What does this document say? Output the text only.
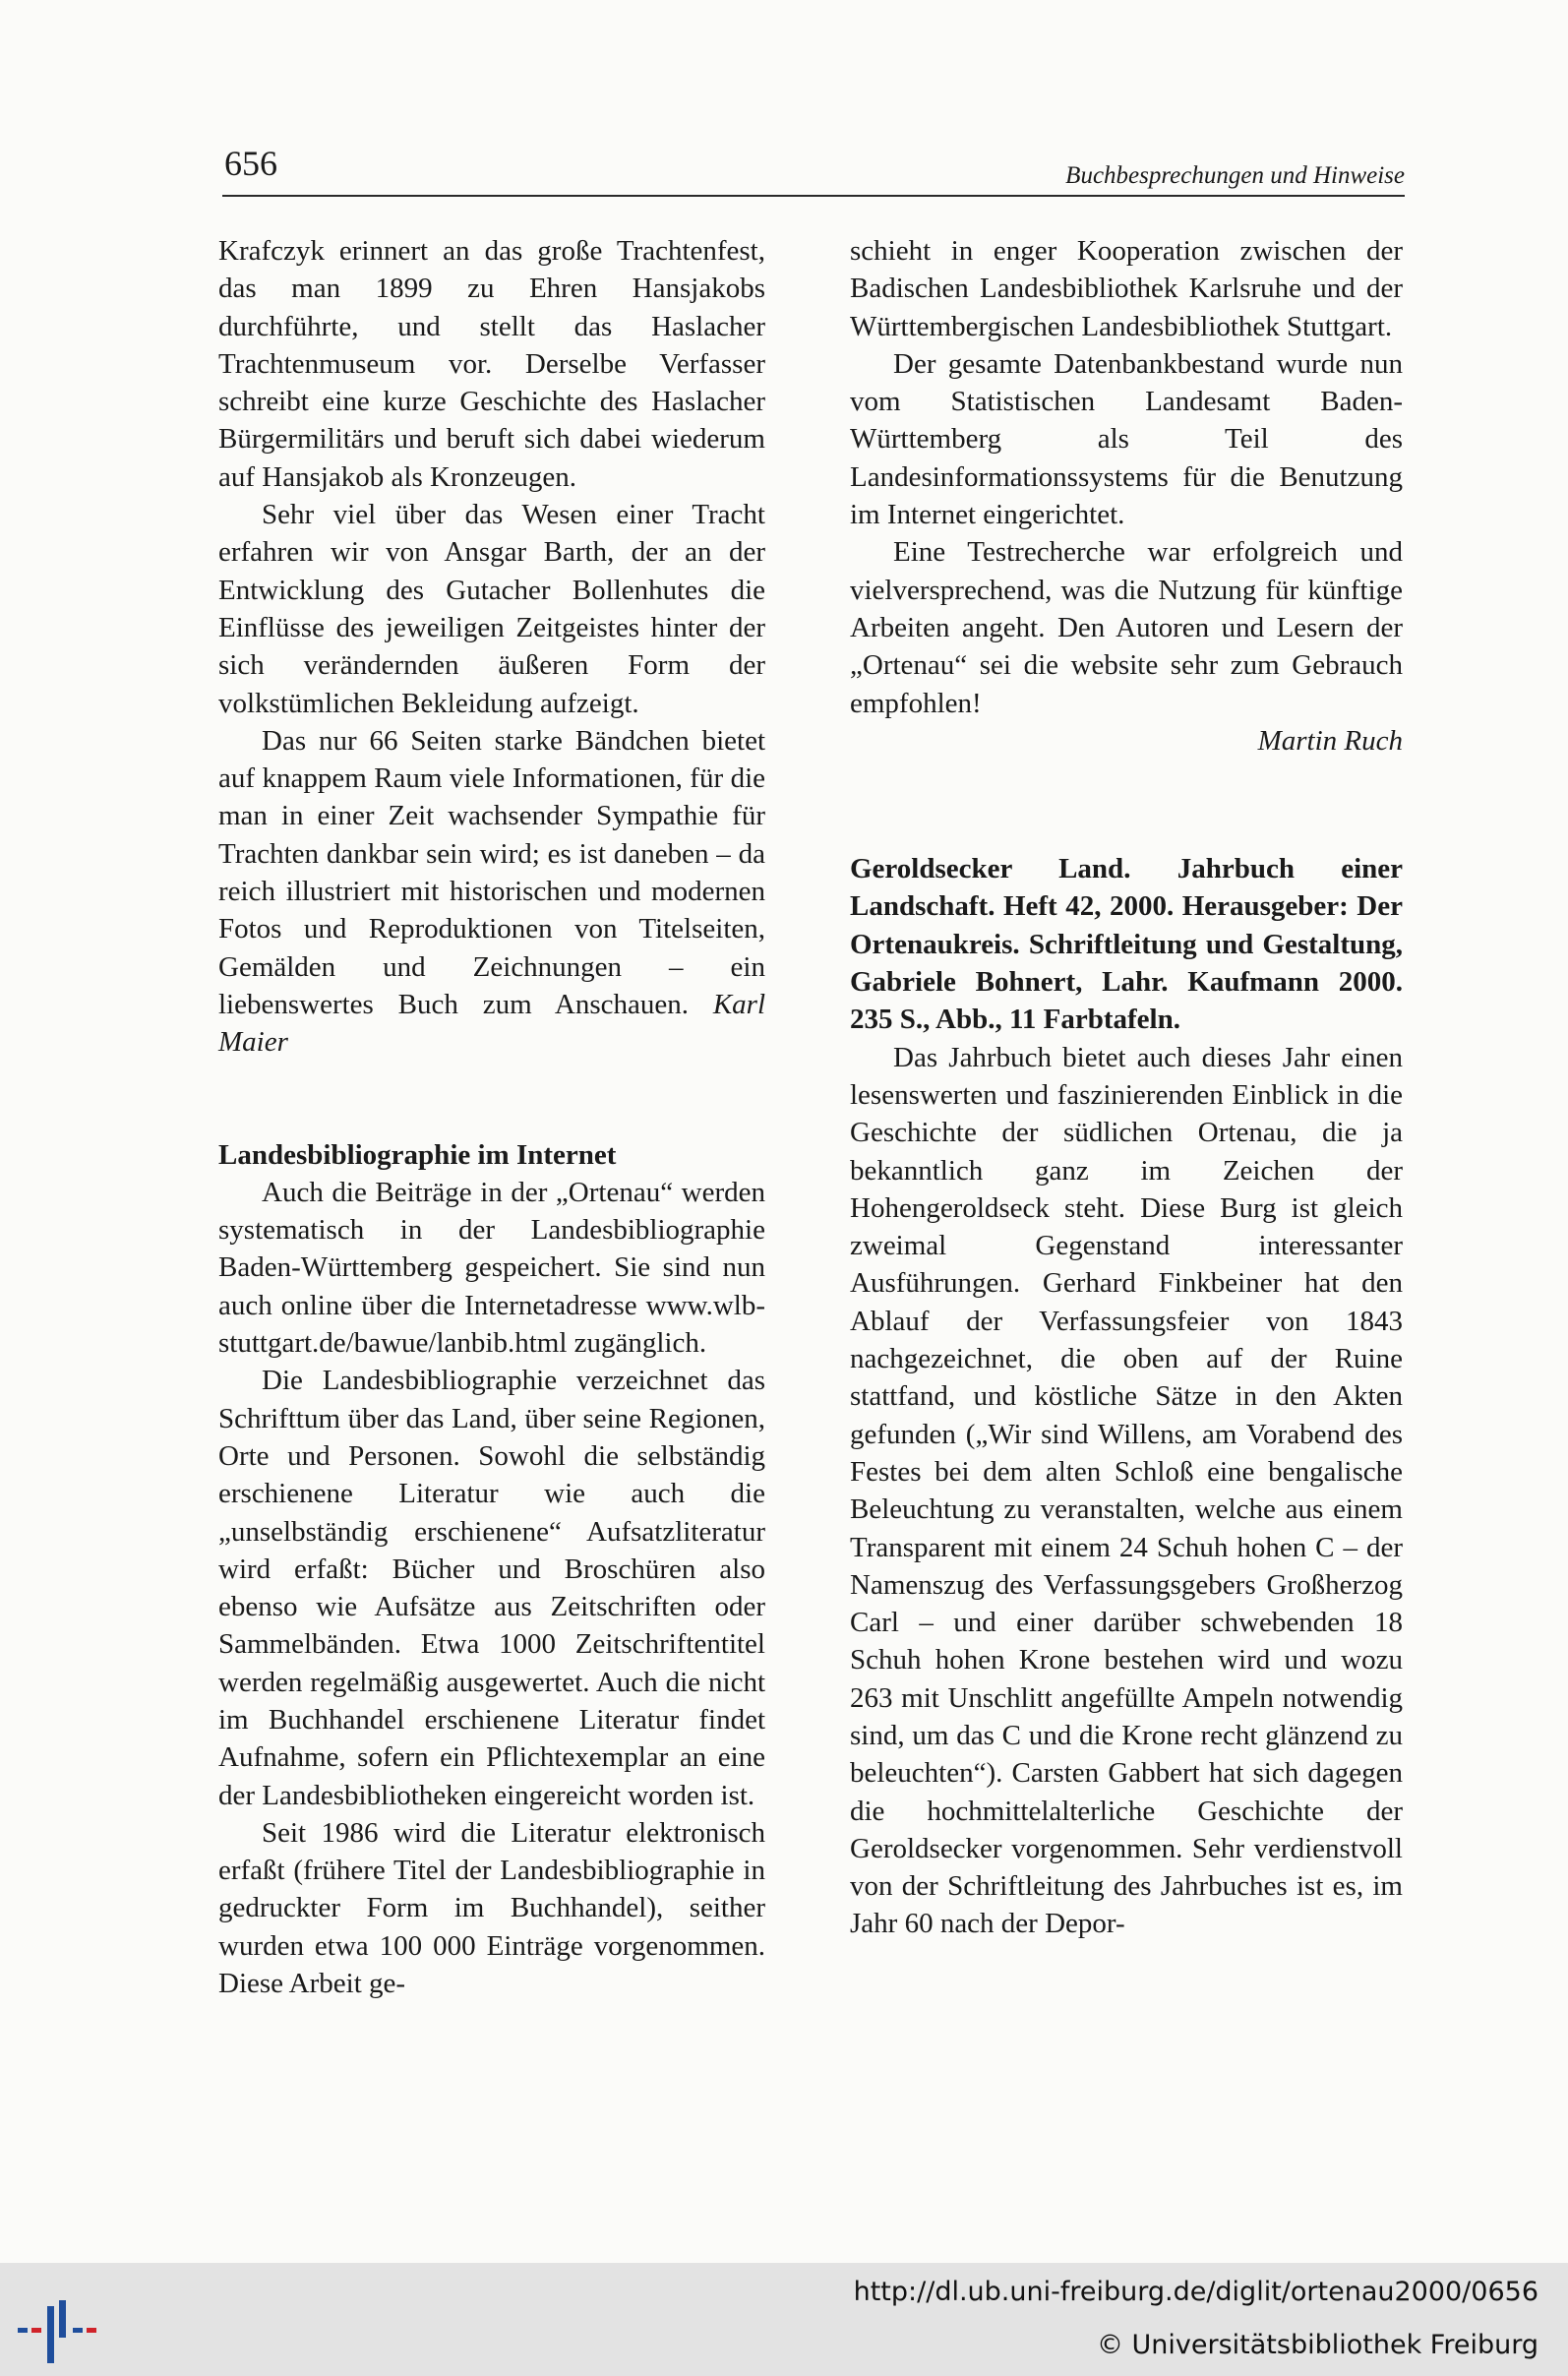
656	Buchbesprechungen und Hinweise

Krafczyk erinnert an das große Trachtenfest, das man 1899 zu Ehren Hansjakobs durchführte, und stellt das Haslacher Trachtenmuseum vor. Derselbe Verfasser schreibt eine kurze Geschichte des Haslacher Bürgermilitärs und beruft sich dabei wiederum auf Hansjakob als Kronzeugen.

Sehr viel über das Wesen einer Tracht erfahren wir von Ansgar Barth, der an der Entwicklung des Gutacher Bollenhutes die Einflüsse des jeweiligen Zeitgeistes hinter der sich verändernden äußeren Form der volkstümlichen Bekleidung aufzeigt.

Das nur 66 Seiten starke Bändchen bietet auf knappem Raum viele Informationen, für die man in einer Zeit wachsender Sympathie für Trachten dankbar sein wird; es ist daneben – da reich illustriert mit historischen und modernen Fotos und Reproduktionen von Titelseiten, Gemälden und Zeichnungen – ein liebenswertes Buch zum Anschauen. Karl Maier

Landesbibliographie im Internet

Auch die Beiträge in der „Ortenau“ werden systematisch in der Landesbibliographie Baden-Württemberg gespeichert. Sie sind nun auch online über die Internetadresse www.wlb-stuttgart.de/bawue/lanbib.html zugänglich.

Die Landesbibliographie verzeichnet das Schrifttum über das Land, über seine Regionen, Orte und Personen. Sowohl die selbständig erschienene Literatur wie auch die „unselbständig erschienene“ Aufsatzliteratur wird erfaßt: Bücher und Broschüren also ebenso wie Aufsätze aus Zeitschriften oder Sammelbänden. Etwa 1000 Zeitschriftentitel werden regelmäßig ausgewertet. Auch die nicht im Buchhandel erschienene Literatur findet Aufnahme, sofern ein Pflichtexemplar an eine der Landesbibliotheken eingereicht worden ist.

Seit 1986 wird die Literatur elektronisch erfaßt (frühere Titel der Landesbibliographie in gedruckter Form im Buchhandel), seither wurden etwa 100 000 Einträge vorgenommen. Diese Arbeit ge-

schieht in enger Kooperation zwischen der Badischen Landesbibliothek Karlsruhe und der Württembergischen Landesbibliothek Stuttgart.

Der gesamte Datenbankbestand wurde nun vom Statistischen Landesamt Baden-Württemberg als Teil des Landesinformationssystems für die Benutzung im Internet eingerichtet.

Eine Testrecherche war erfolgreich und vielversprechend, was die Nutzung für künftige Arbeiten angeht. Den Autoren und Lesern der „Ortenau“ sei die website sehr zum Gebrauch empfohlen!

Martin Ruch

Geroldsecker Land. Jahrbuch einer Landschaft. Heft 42, 2000. Herausgeber: Der Ortenaukreis. Schriftleitung und Gestaltung, Gabriele Bohnert, Lahr. Kaufmann 2000. 235 S., Abb., 11 Farbtafeln.

Das Jahrbuch bietet auch dieses Jahr einen lesenswerten und faszinierenden Einblick in die Geschichte der südlichen Ortenau, die ja bekanntlich ganz im Zeichen der Hohengeroldseck steht. Diese Burg ist gleich zweimal Gegenstand interessanter Ausführungen. Gerhard Finkbeiner hat den Ablauf der Verfassungsfeier von 1843 nachgezeichnet, die oben auf der Ruine stattfand, und köstliche Sätze in den Akten gefunden („Wir sind Willens, am Vorabend des Festes bei dem alten Schloß eine bengalische Beleuchtung zu veranstalten, welche aus einem Transparent mit einem 24 Schuh hohen C – der Namenszug des Verfassungsgebers Großherzog Carl – und einer darüber schwebenden 18 Schuh hohen Krone bestehen wird und wozu 263 mit Unschlitt angefüllte Ampeln notwendig sind, um das C und die Krone recht glänzend zu beleuchten“). Carsten Gabbert hat sich dagegen die hochmittelalterliche Geschichte der Geroldsecker vorgenommen. Sehr verdienstvoll von der Schriftleitung des Jahrbuches ist es, im Jahr 60 nach der Depor-

http://dl.ub.uni-freiburg.de/diglit/ortenau2000/0656
© Universitätsbibliothek Freiburg
